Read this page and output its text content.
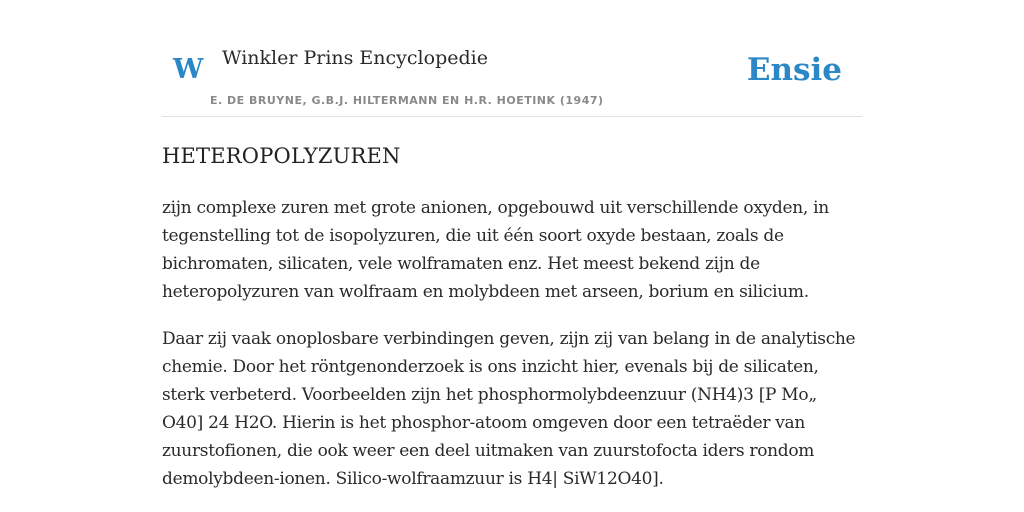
W Winkler Prins Encyclopedie
E. DE BRUYNE, G.B.J. HILTERMANN EN H.R. HOETINK (1947)
Ensie
HETEROPOLYZUREN

zijn complexe zuren met grote anionen, opgebouwd uit verschillende oxyden, in tegenstelling tot de isopolyzuren, die uit één soort oxyde bestaan, zoals de bichromaten, silicaten, vele wolframaten enz. Het meest bekend zijn de heteropolyzuren van wolfraam en molybdeen met arseen, borium en silicium.

Daar zij vaak onoplosbare verbindingen geven, zijn zij van belang in de analytische chemie. Door het röntgenonderzoek is ons inzicht hier, evenals bij de silicaten, sterk verbeterd. Voorbeelden zijn het phosphormolybdeenzuur (NH4)3 [P Mo„ O40] 24 H2O. Hierin is het phosphor-atoom omgeven door een tetraëder van zuurstofionen, die ook weer een deel uitmaken van zuurstofocta iders rondom demolybdeen-ionen. Silico-wolfraamzuur is H4| SiW12O40].
